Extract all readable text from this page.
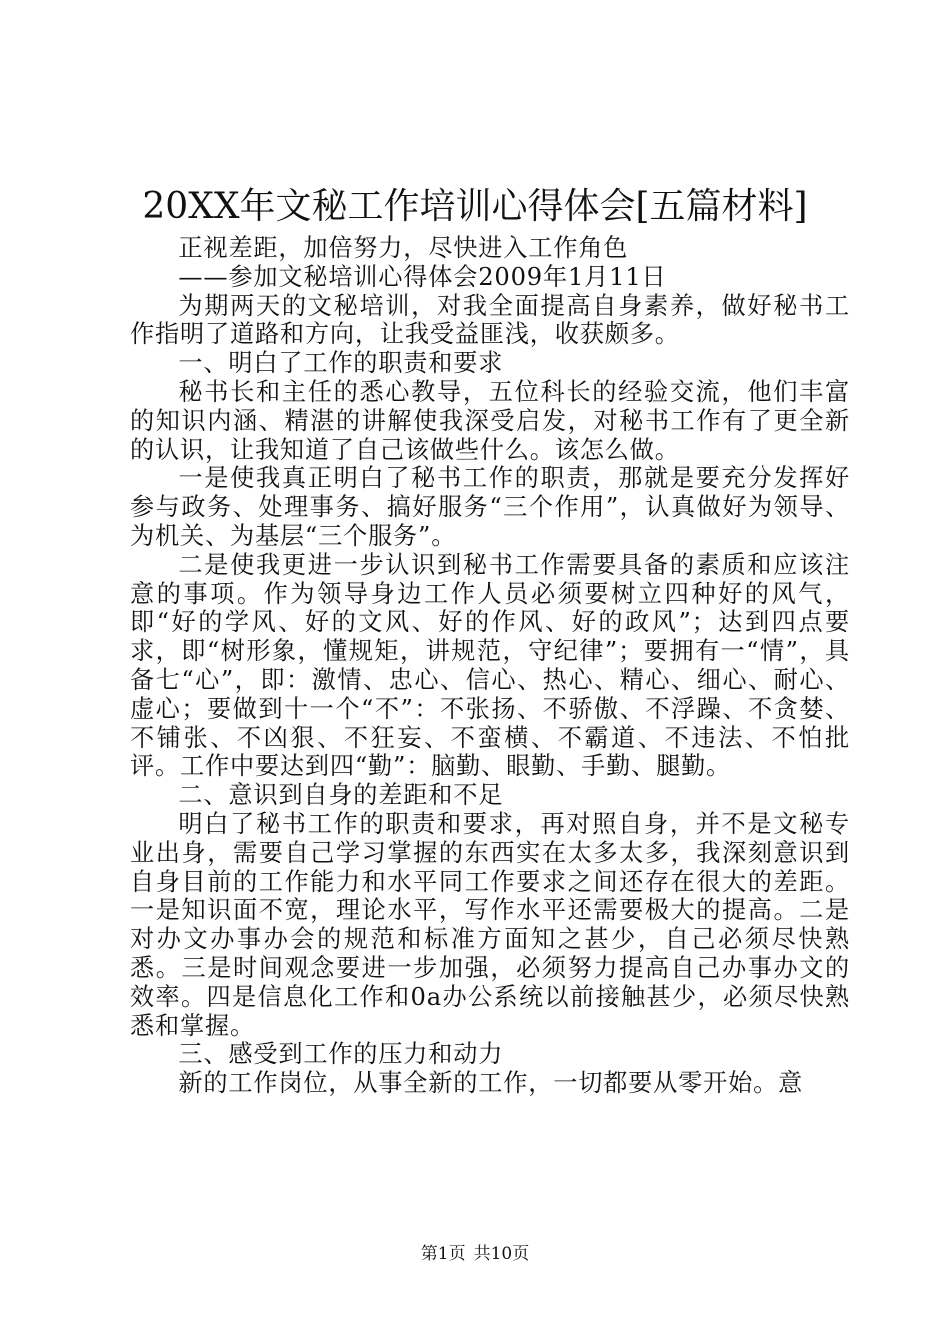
20XX年文秘工作培训心得体会[五篇材料]

正视差距，加倍努力，尽快进入工作角色

——参加文秘培训心得体会2009年1月11日

为期两天的文秘培训，对我全面提高自身素养，做好秘书工作指明了道路和方向，让我受益匪浅，收获颇多。

一、明白了工作的职责和要求

秘书长和主任的悉心教导，五位科长的经验交流，他们丰富的知识内涵、精湛的讲解使我深受启发，对秘书工作有了更全新的认识，让我知道了自己该做些什么。该怎么做。

一是使我真正明白了秘书工作的职责，那就是要充分发挥好参与政务、处理事务、搞好服务“三个作用”，认真做好为领导、为机关、为基层“三个服务”。

二是使我更进一步认识到秘书工作需要具备的素质和应该注意的事项。作为领导身边工作人员必须要树立四种好的风气，即“好的学风、好的文风、好的作风、好的政风”；达到四点要求，即“树形象，懂规矩，讲规范，守纪律”；要拥有一“情”，具备七“心”，即：激情、忠心、信心、热心、精心、细心、耐心、虚心；要做到十一个“不”：不张扬、不骄傲、不浮躁、不贪婪、不铺张、不凶狠、不狂妄、不蛮横、不霸道、不违法、不怕批评。工作中要达到四“勤”：脑勤、眼勤、手勤、腿勤。

二、意识到自身的差距和不足

明白了秘书工作的职责和要求，再对照自身，并不是文秘专业出身，需要自己学习掌握的东西实在太多太多，我深刻意识到自身目前的工作能力和水平同工作要求之间还存在很大的差距。一是知识面不宽，理论水平，写作水平还需要极大的提高。二是对办文办事办会的规范和标准方面知之甚少，自己必须尽快熟悉。三是时间观念要进一步加强，必须努力提高自己办事办文的效率。四是信息化工作和0a办公系统以前接触甚少，必须尽快熟悉和掌握。

三、感受到工作的压力和动力

新的工作岗位，从事全新的工作，一切都要从零开始。意

第1页 共10页
